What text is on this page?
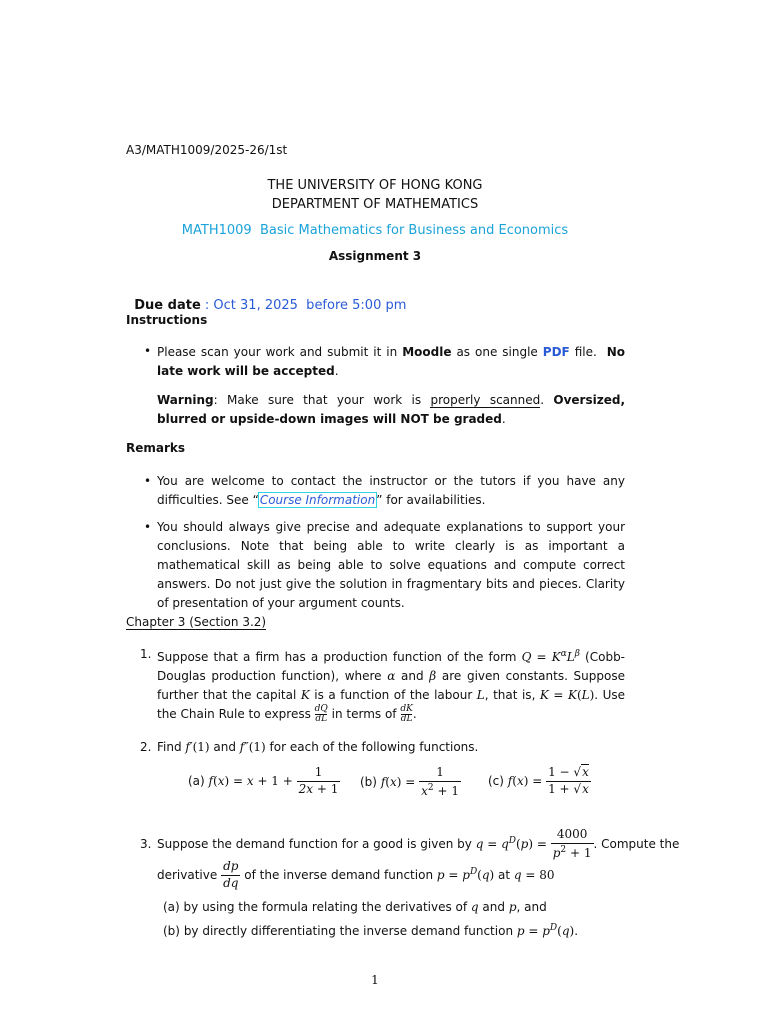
A3/MATH1009/2025-26/1st
THE UNIVERSITY OF HONG KONG
DEPARTMENT OF MATHEMATICS
MATH1009  Basic Mathematics for Business and Economics
Assignment 3

Due date : Oct 31, 2025  before 5:00 pm

Instructions
• Please scan your work and submit it in Moodle as one single PDF file.  No late work will be accepted.
Warning: Make sure that your work is properly scanned. Oversized, blurred or upside-down images will NOT be graded.
Remarks
• You are welcome to contact the instructor or the tutors if you have any difficulties. See “Course Information” for availabilities.
• You should always give precise and adequate explanations to support your conclusions. Note that being able to write clearly is as important a mathematical skill as being able to solve equations and compute correct answers. Do not just give the solution in fragmentary bits and pieces. Clarity of presentation of your argument counts.
Chapter 3 (Section 3.2)
1. Suppose that a firm has a production function of the form $Q = K^\alpha L^\beta$ (Cobb-Douglas production function), where α and β are given constants. Suppose further that the capital K is a function of the labour L, that is, K = K(L). Use the Chain Rule to express $\frac{dQ}{dL}$ in terms of $\frac{dK}{dL}$ .
2. Find f′(1) and f″(1) for each of the following functions.
(a) $f(x) = x + 1 + \frac{1}{2x + 1} (b) f(x) = \frac{1}{x^2 + 1} (c) f(x) = \frac{1 - √x}{1 + √x}$
3. Suppose the demand function for a good is given by $q = q^D(p) = \frac{4000}{p^2 + 1}$ . Compute the
derivative $\frac{dp}{dq}$ of the inverse demand function $p = p^D(q)$ at q = 80
(a) by using the formula relating the derivatives of q and p, and
(b) by directly differentiating the inverse demand function $p = p^D(q)$.
1
